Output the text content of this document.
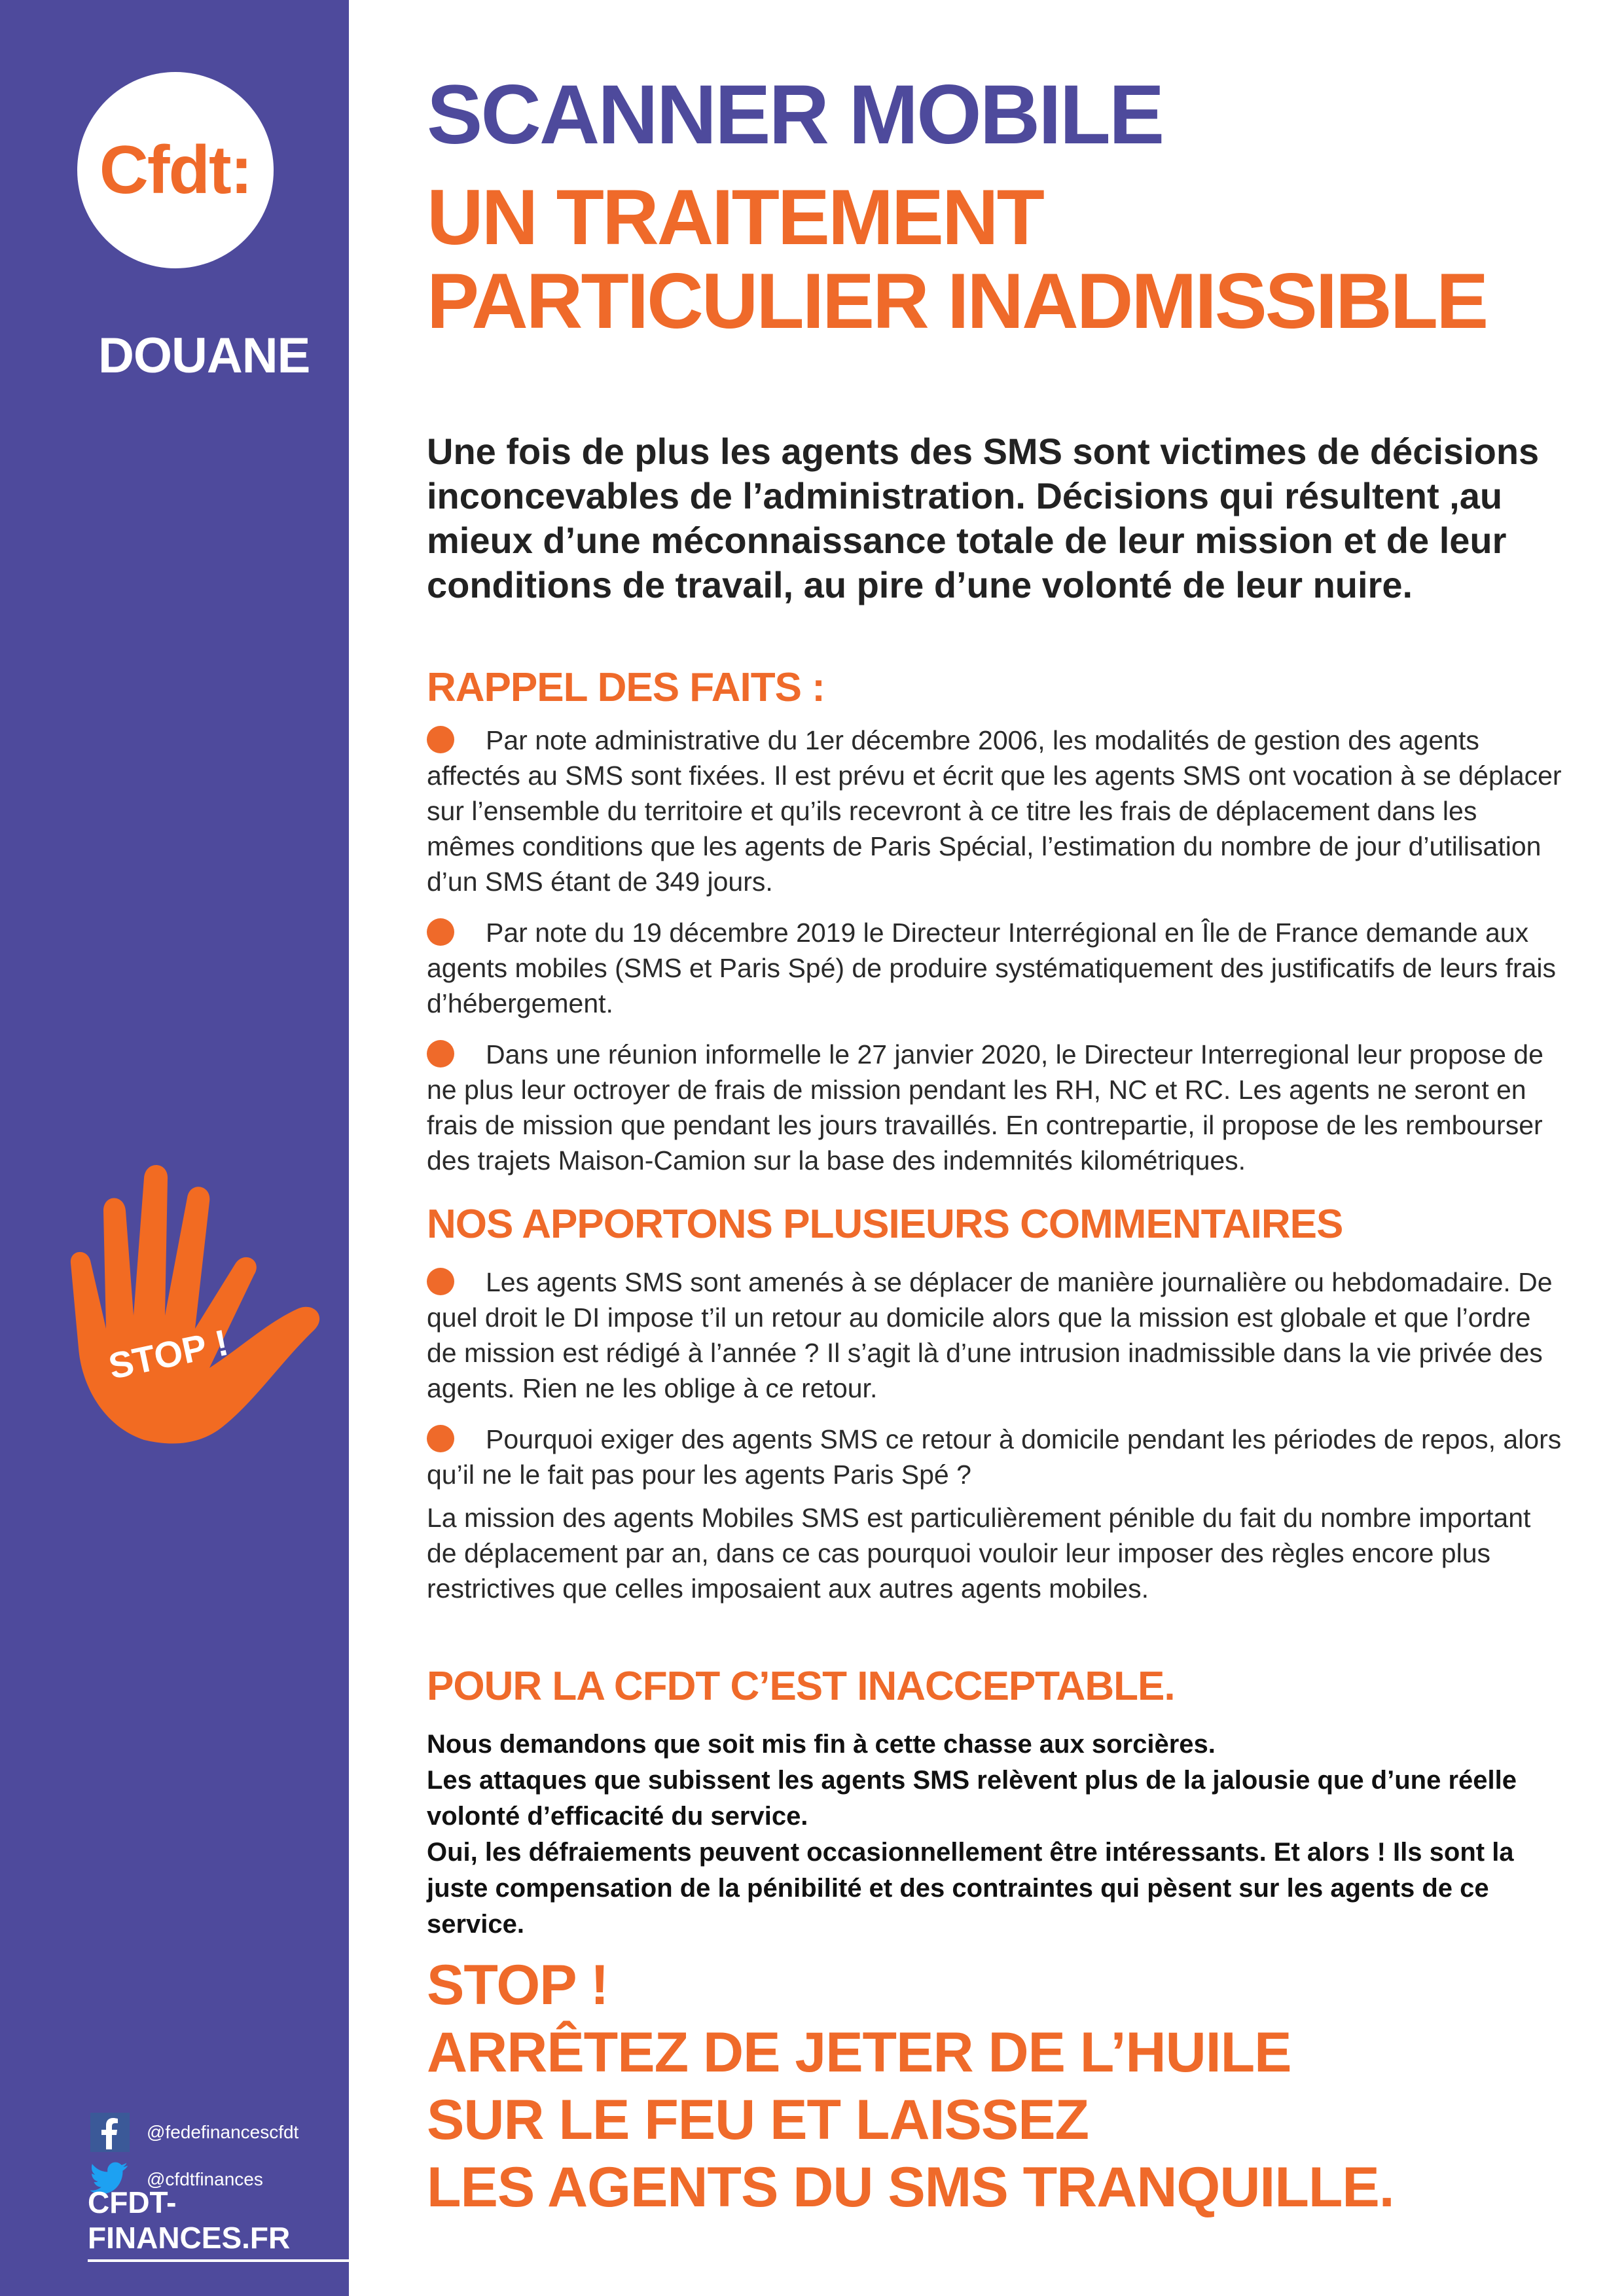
Cfdt:
DOUANE
STOP !
@fedefinancescfdt
@cfdtfinances
CFDT-FINANCES.FR
SCANNER MOBILE
UN TRAITEMENT
PARTICULIER INADMISSIBLE
Une fois de plus les agents des SMS sont victimes de décisions inconcevables de l’administration. Décisions qui résultent ,au mieux d’une méconnaissance totale de leur mission et de leur conditions de travail, au pire d’une volonté de leur nuire.
RAPPEL DES FAITS :
Par note administrative du 1er décembre 2006, les modalités de gestion des agents affectés au SMS sont fixées. Il est prévu et écrit que les agents SMS ont vocation à se déplacer sur l’ensemble du territoire et qu’ils recevront à ce titre les frais de déplacement dans les mêmes conditions que les agents de Paris Spécial, l’estimation du nombre de jour d’utilisation d’un SMS étant de 349 jours.
Par note du 19 décembre 2019 le Directeur Interrégional en Île de France demande aux agents mobiles (SMS et Paris Spé) de produire systématiquement des justificatifs de leurs frais d’hébergement.
Dans une réunion informelle le 27 janvier 2020, le Directeur Interregional leur propose de ne plus leur octroyer de frais de mission pendant les RH, NC et RC. Les agents ne seront en frais de mission que pendant les jours travaillés. En contrepartie, il propose de les rembourser des trajets Maison-Camion sur la base des indemnités kilométriques.
NOS APPORTONS PLUSIEURS COMMENTAIRES
Les agents SMS sont amenés à se déplacer de manière journalière ou hebdomadaire. De quel droit le DI impose t’il un retour au domicile alors que la mission est globale et que l’ordre de mission est rédigé à l’année ? Il s’agit là d’une intrusion inadmissible dans la vie privée des agents. Rien ne les oblige à ce retour.
Pourquoi exiger des agents SMS ce retour à domicile pendant les périodes de repos, alors qu’il ne le fait pas pour les agents Paris Spé ?
La mission des agents Mobiles SMS est particulièrement pénible du fait du nombre important de déplacement par an, dans ce cas pourquoi vouloir leur imposer des règles encore plus restrictives que celles imposaient aux autres agents mobiles.
POUR LA CFDT C’EST INACCEPTABLE.
Nous demandons que soit mis fin à cette chasse aux sorcières.
Les attaques que subissent les agents SMS relèvent plus de la jalousie que d’une réelle volonté d’efficacité du service.
Oui, les défraiements peuvent occasionnellement être intéressants. Et alors ! Ils sont la juste compensation de la pénibilité et des contraintes qui pèsent sur les agents de ce service.
STOP !
ARRÊTEZ DE JETER DE L’HUILE
SUR LE FEU ET LAISSEZ
LES AGENTS DU SMS TRANQUILLE.
